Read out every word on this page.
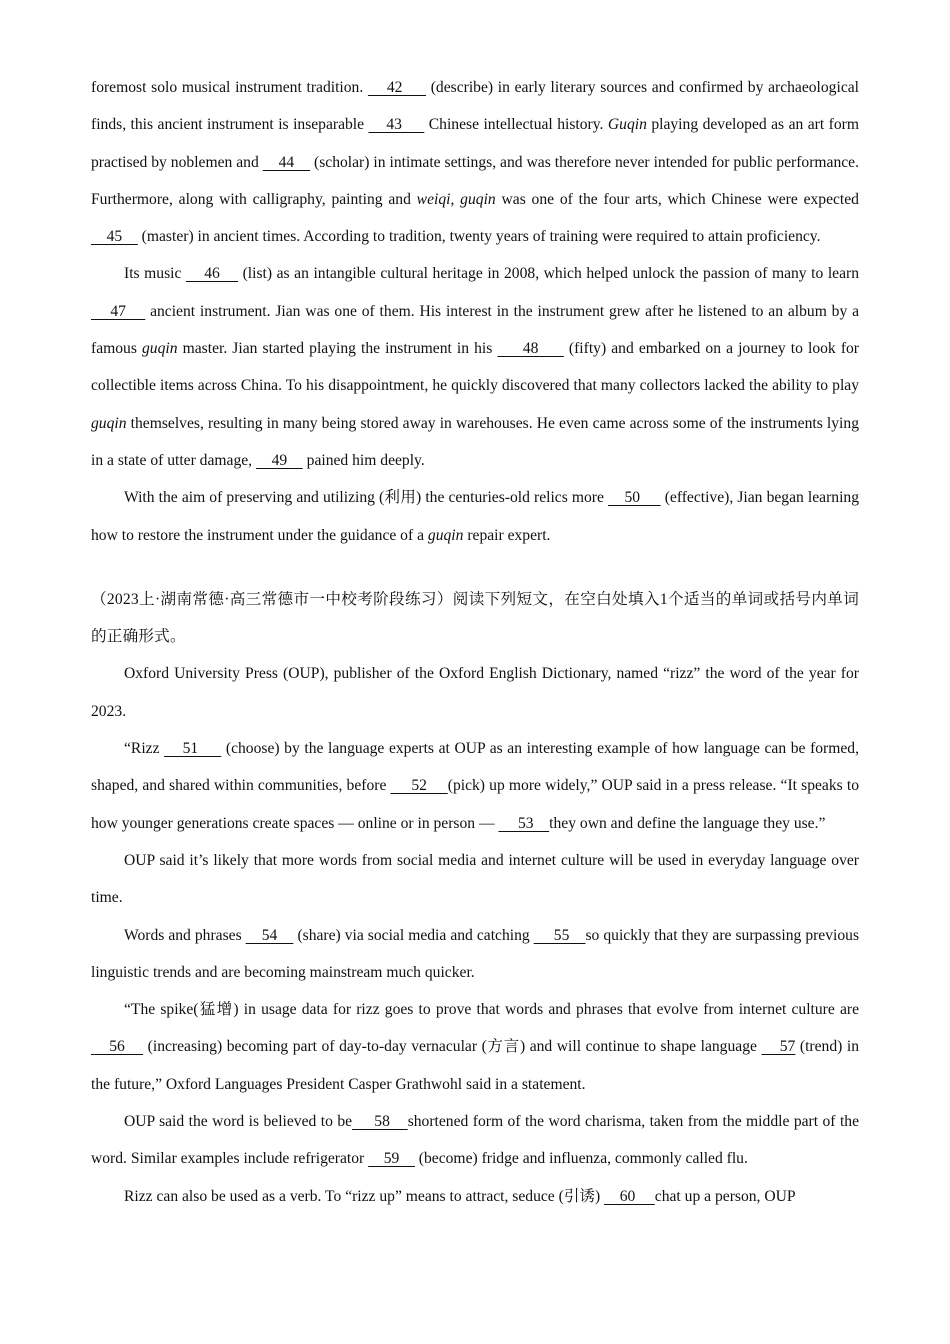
foremost solo musical instrument tradition.     42      (describe) in early literary sources and confirmed by archaeological finds, this ancient instrument is inseparable     43      Chinese intellectual history. Guqin playing developed as an art form practised by noblemen and     44     (scholar) in intimate settings, and was therefore never intended for public performance. Furthermore, along with calligraphy, painting and weiqi, guqin was one of the four arts, which Chinese were expected     45     (master) in ancient times. According to tradition, twenty years of training were required to attain proficiency.

Its music     46     (list) as an intangible cultural heritage in 2008, which helped unlock the passion of many to learn     47     ancient instrument. Jian was one of them. His interest in the instrument grew after he listened to an album by a famous guqin master. Jian started playing the instrument in his      48      (fifty) and embarked on a journey to look for collectible items across China. To his disappointment, he quickly discovered that many collectors lacked the ability to play guqin themselves, resulting in many being stored away in warehouses. He even came across some of the instruments lying in a state of utter damage,     49     pained him deeply.

With the aim of preserving and utilizing (利用) the centuries-old relics more     50      (effective), Jian began learning how to restore the instrument under the guidance of a guqin repair expert.

（2023上·湖南常德·高三常德市一中校考阶段练习）阅读下列短文，在空白处填入1个适当的单词或括号内单词的正确形式。

Oxford University Press (OUP), publisher of the Oxford English Dictionary, named “rizz” the word of the year for 2023.

“Rizz     51      (choose) by the language experts at OUP as an interesting example of how language can be formed, shaped, and shared within communities, before      52     (pick) up more widely,” OUP said in a press release. “It speaks to how younger generations create spaces — online or in person —      53    they own and define the language they use.”

OUP said it’s likely that more words from social media and internet culture will be used in everyday language over time.

Words and phrases     54     (share) via social media and catching      55    so quickly that they are surpassing previous linguistic trends and are becoming mainstream much quicker.

“The spike(猛增) in usage data for rizz goes to prove that words and phrases that evolve from internet culture are    56     (increasing) becoming part of day-to-day vernacular (方言) and will continue to shape language     57 (trend) in the future,” Oxford Languages President Casper Grathwohl said in a statement.

OUP said the word is believed to be     58    shortened form of the word charisma, taken from the middle part of the word. Similar examples include refrigerator     59     (become) fridge and influenza, commonly called flu.

Rizz can also be used as a verb. To “rizz up” means to attract, seduce (引诱)     60     chat up a person, OUP
